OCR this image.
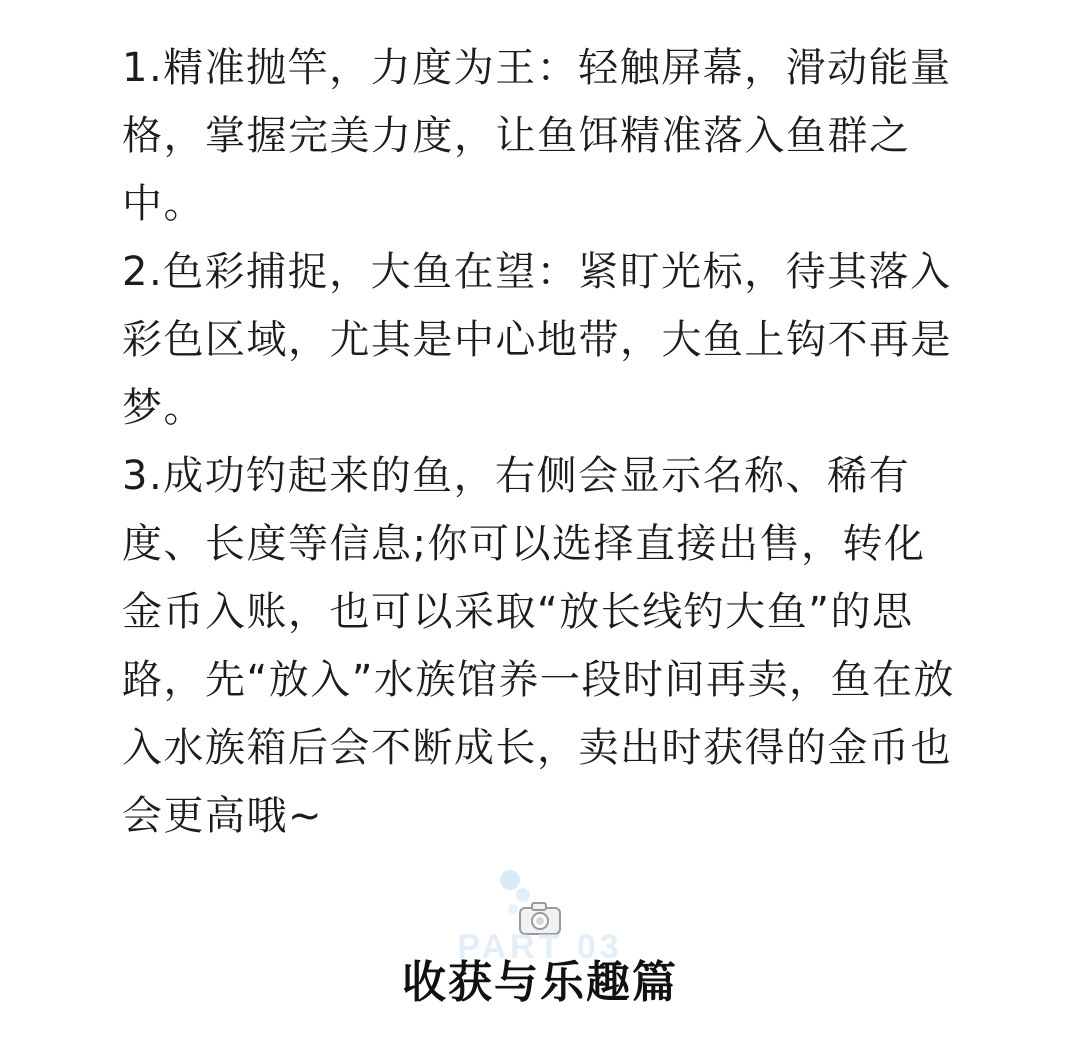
1.精准抛竿，力度为王：轻触屏幕，滑动能量格，掌握完美力度，让鱼饵精准落入鱼群之中。

2.色彩捕捉，大鱼在望：紧盯光标，待其落入彩色区域，尤其是中心地带，大鱼上钩不再是梦。

3.成功钓起来的鱼，右侧会显示名称、稀有度、长度等信息;你可以选择直接出售，转化金币入账，也可以采取“放长线钓大鱼”的思路，先“放入”水族馆养一段时间再卖，鱼在放入水族箱后会不断成长，卖出时获得的金币也会更高哦~

PART 03
收获与乐趣篇
